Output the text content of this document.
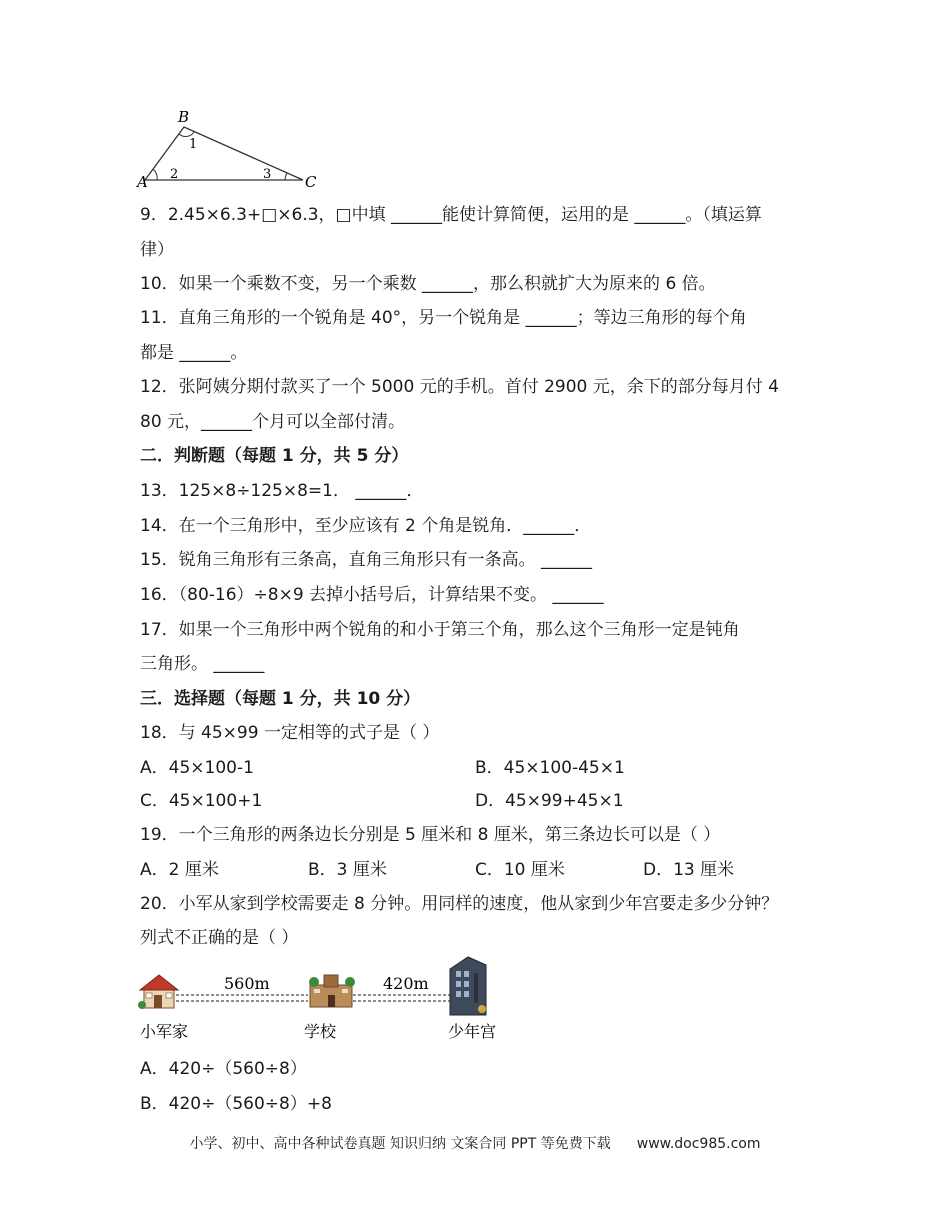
A
B
C
1
2	3
9．2.45×6.3+□×6.3，□中填 ______能使计算简便，运用的是 ______。（填运算
律）
10．如果一个乘数不变，另一个乘数 ______，那么积就扩大为原来的 6 倍。
11．直角三角形的一个锐角是 40°，另一个锐角是 ______；等边三角形的每个角
都是 ______。
12．张阿姨分期付款买了一个 5000 元的手机。首付 2900 元，余下的部分每月付 4
80 元，______个月可以全部付清。
二．判断题（每题 1 分，共 5 分）
13．125×8÷125×8=1． ______．
14．在一个三角形中，至少应该有 2 个角是锐角．______．
15．锐角三角形有三条高，直角三角形只有一条高。 ______
16．（80-16）÷8×9 去掉小括号后，计算结果不变。 ______
17．如果一个三角形中两个锐角的和小于第三个角，那么这个三角形一定是钝角
三角形。 ______
三．选择题（每题 1 分，共 10 分）
18．与 45×99 一定相等的式子是（ ）
A．45×100-1	B．45×100-45×1
C．45×100+1	D．45×99+45×1
19．一个三角形的两条边长分别是 5 厘米和 8 厘米，第三条边长可以是（ ）
A．2 厘米	B．3 厘米	C．10 厘米	D．13 厘米
20．小军从家到学校需要走 8 分钟。用同样的速度，他从家到少年宫要走多少分钟？
列式不正确的是（ ）
560m	420m
小军家	学校	少年宫
A．420÷（560÷8）
B．420÷（560÷8）+8
小学、初中、高中各种试卷真题 知识归纳 文案合同 PPT 等免费下载 www.doc985.com
